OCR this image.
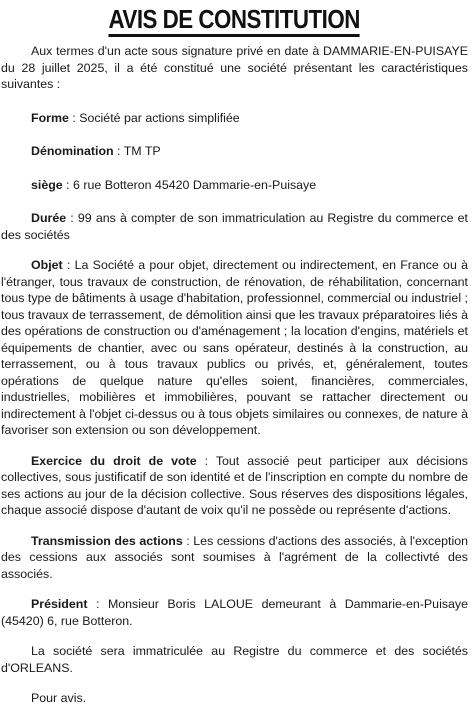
AVIS DE CONSTITUTION

Aux termes d'un acte sous signature privé en date à DAMMARIE-EN-PUISAYE du 28 juillet 2025, il a été constitué une société présentant les caractéristiques suivantes :

Forme : Société par actions simplifiée

Dénomination : TM TP

siège : 6 rue Botteron 45420 Dammarie-en-Puisaye

Durée : 99 ans à compter de son immatriculation au Registre du commerce et des sociétés

Objet : La Société a pour objet, directement ou indirectement, en France ou à l'étranger, tous travaux de construction, de rénovation, de réhabilitation, concernant tous type de bâtiments à usage d'habitation, professionnel, commercial ou industriel ; tous travaux de terrassement, de démolition ainsi que les travaux préparatoires liés à des opérations de construction ou d'aménagement ; la location d'engins, matériels et équipements de chantier, avec ou sans opérateur, destinés à la construction, au terrassement, ou à tous travaux publics ou privés, et, généralement, toutes opérations de quelque nature qu'elles soient, financières, commerciales, industrielles, mobilières et immobilières, pouvant se rattacher directement ou indirectement à l'objet ci-dessus ou à tous objets similaires ou connexes, de nature à favoriser son extension ou son développement.

Exercice du droit de vote : Tout associé peut participer aux décisions collectives, sous justificatif de son identité et de l'inscription en compte du nombre de ses actions au jour de la décision collective. Sous réserves des dispositions légales, chaque associé dispose d'autant de voix qu'il ne possède ou représente d'actions.

Transmission des actions : Les cessions d'actions des associés, à l'exception des cessions aux associés sont soumises à l'agrément de la collectivté des associés.

Président : Monsieur Boris LALOUE demeurant à Dammarie-en-Puisaye (45420) 6, rue Botteron.

La société sera immatriculée au Registre du commerce et des sociétés d'ORLEANS.

Pour avis.
